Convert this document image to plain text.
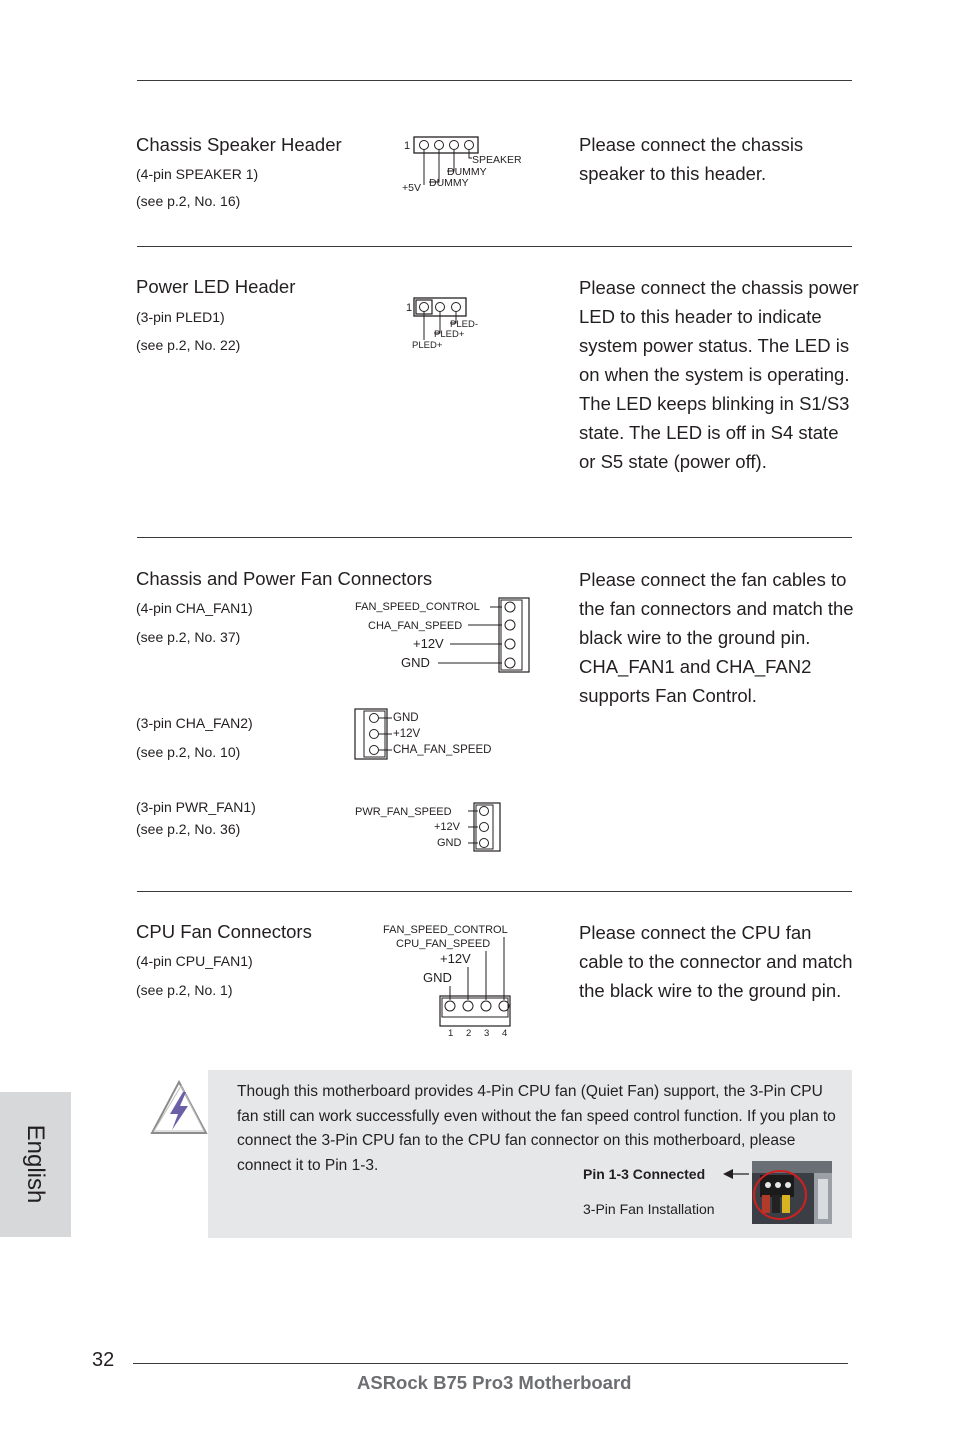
Chassis Speaker Header
(4-pin SPEAKER 1)
(see p.2, No. 16)
1
SPEAKER
DUMMY
DUMMY
+5V

Please connect the chassis speaker to this header.

Power LED Header
(3-pin PLED1)
(see p.2, No. 22)
1
PLED-
PLED+
PLED+

Please connect the chassis power LED to this header to indicate system power status. The LED is on when the system is operating. The LED keeps blinking in S1/S3 state. The LED is off in S4 state or S5 state (power off).

Chassis and Power Fan Connectors
(4-pin CHA_FAN1)
(see p.2, No. 37)
(3-pin CHA_FAN2)
(see p.2, No. 10)
(3-pin PWR_FAN1)
(see p.2, No. 36)
FAN_SPEED_CONTROL
CHA_FAN_SPEED
+12V
GND
GND
+12V
CHA_FAN_SPEED
PWR_FAN_SPEED
+12V
GND

Please connect the fan cables to the fan connectors and match the black wire to the ground pin. CHA_FAN1 and CHA_FAN2 supports Fan Control.

CPU Fan Connectors
(4-pin CPU_FAN1)
(see p.2, No. 1)
FAN_SPEED_CONTROL
CPU_FAN_SPEED
+12V
GND
1 2 3 4

Please connect the CPU fan cable to the connector and match the black wire to the ground pin.

Though this motherboard provides 4-Pin CPU fan (Quiet Fan) support, the 3-Pin CPU fan still can work successfully even without the fan speed control function. If you plan to connect the 3-Pin CPU fan to the CPU fan connector on this motherboard, please connect it to Pin 1-3.

Pin 1-3 Connected
3-Pin Fan Installation
English
32
ASRock B75 Pro3 Motherboard
